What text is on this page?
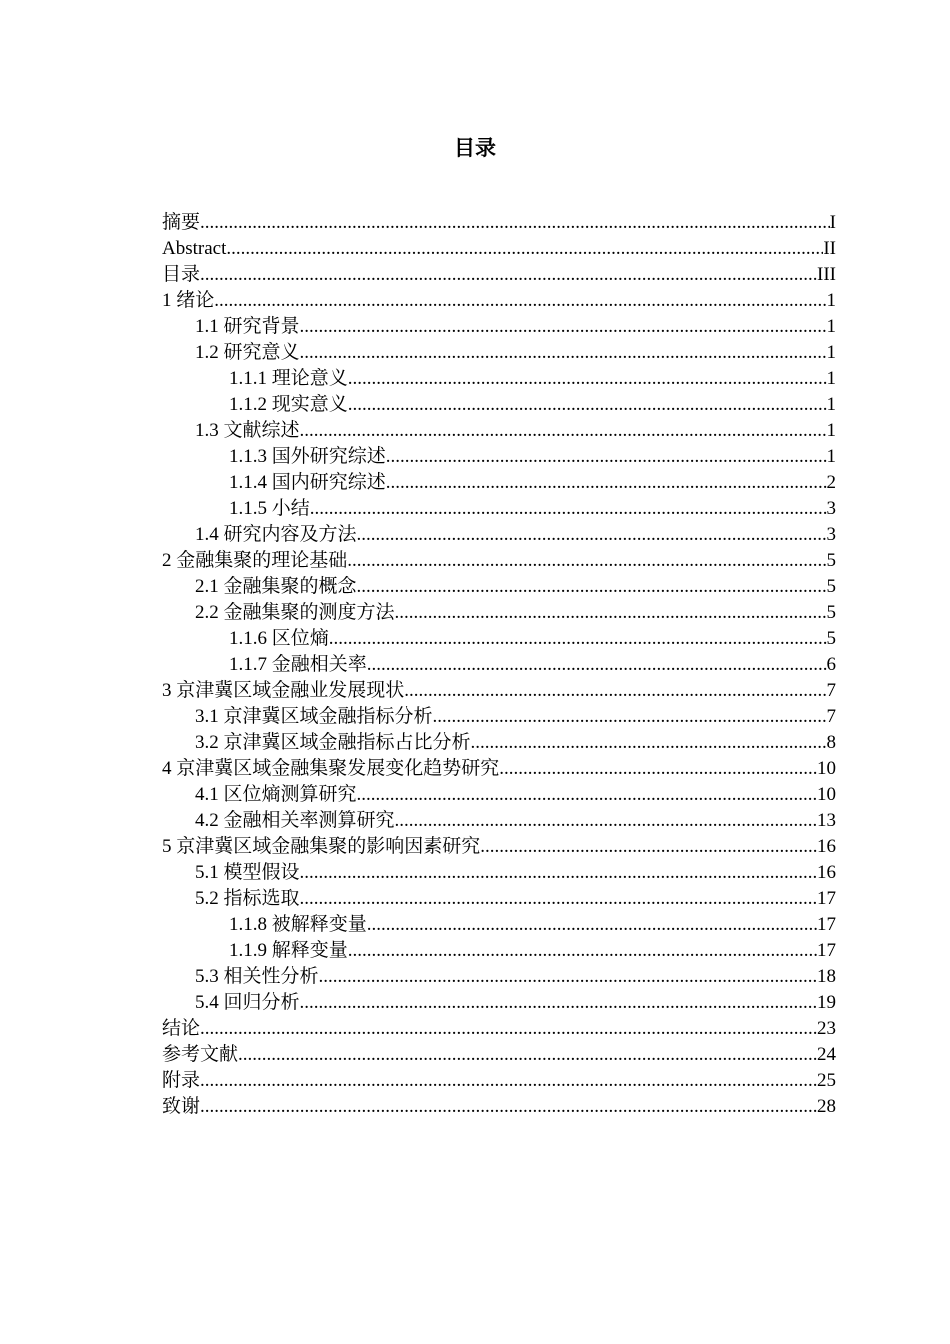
目录
摘要 .....	I
Abstract .....	II
目录 .....	III
1 绪论 .....	1
1.1 研究背景 .....	1
1.2 研究意义 .....	1
1.1.1 理论意义 .....	1
1.1.2 现实意义 .....	1
1.3 文献综述 .....	1
1.1.3 国外研究综述 .....	1
1.1.4 国内研究综述 .....	2
1.1.5 小结 .....	3
1.4 研究内容及方法 .....	3
2 金融集聚的理论基础 .....	5
2.1 金融集聚的概念 .....	5
2.2 金融集聚的测度方法 .....	5
1.1.6 区位熵 .....	5
1.1.7 金融相关率 .....	6
3 京津冀区域金融业发展现状 .....	7
3.1 京津冀区域金融指标分析 .....	7
3.2 京津冀区域金融指标占比分析 .....	8
4 京津冀区域金融集聚发展变化趋势研究 .....	10
4.1 区位熵测算研究 .....	10
4.2 金融相关率测算研究 .....	13
5 京津冀区域金融集聚的影响因素研究 .....	16
5.1 模型假设 .....	16
5.2 指标选取 .....	17
1.1.8 被解释变量 .....	17
1.1.9 解释变量 .....	17
5.3 相关性分析 .....	18
5.4 回归分析 .....	19
结论 .....	23
参考文献 .....	24
附录 .....	25
致谢 .....	28
